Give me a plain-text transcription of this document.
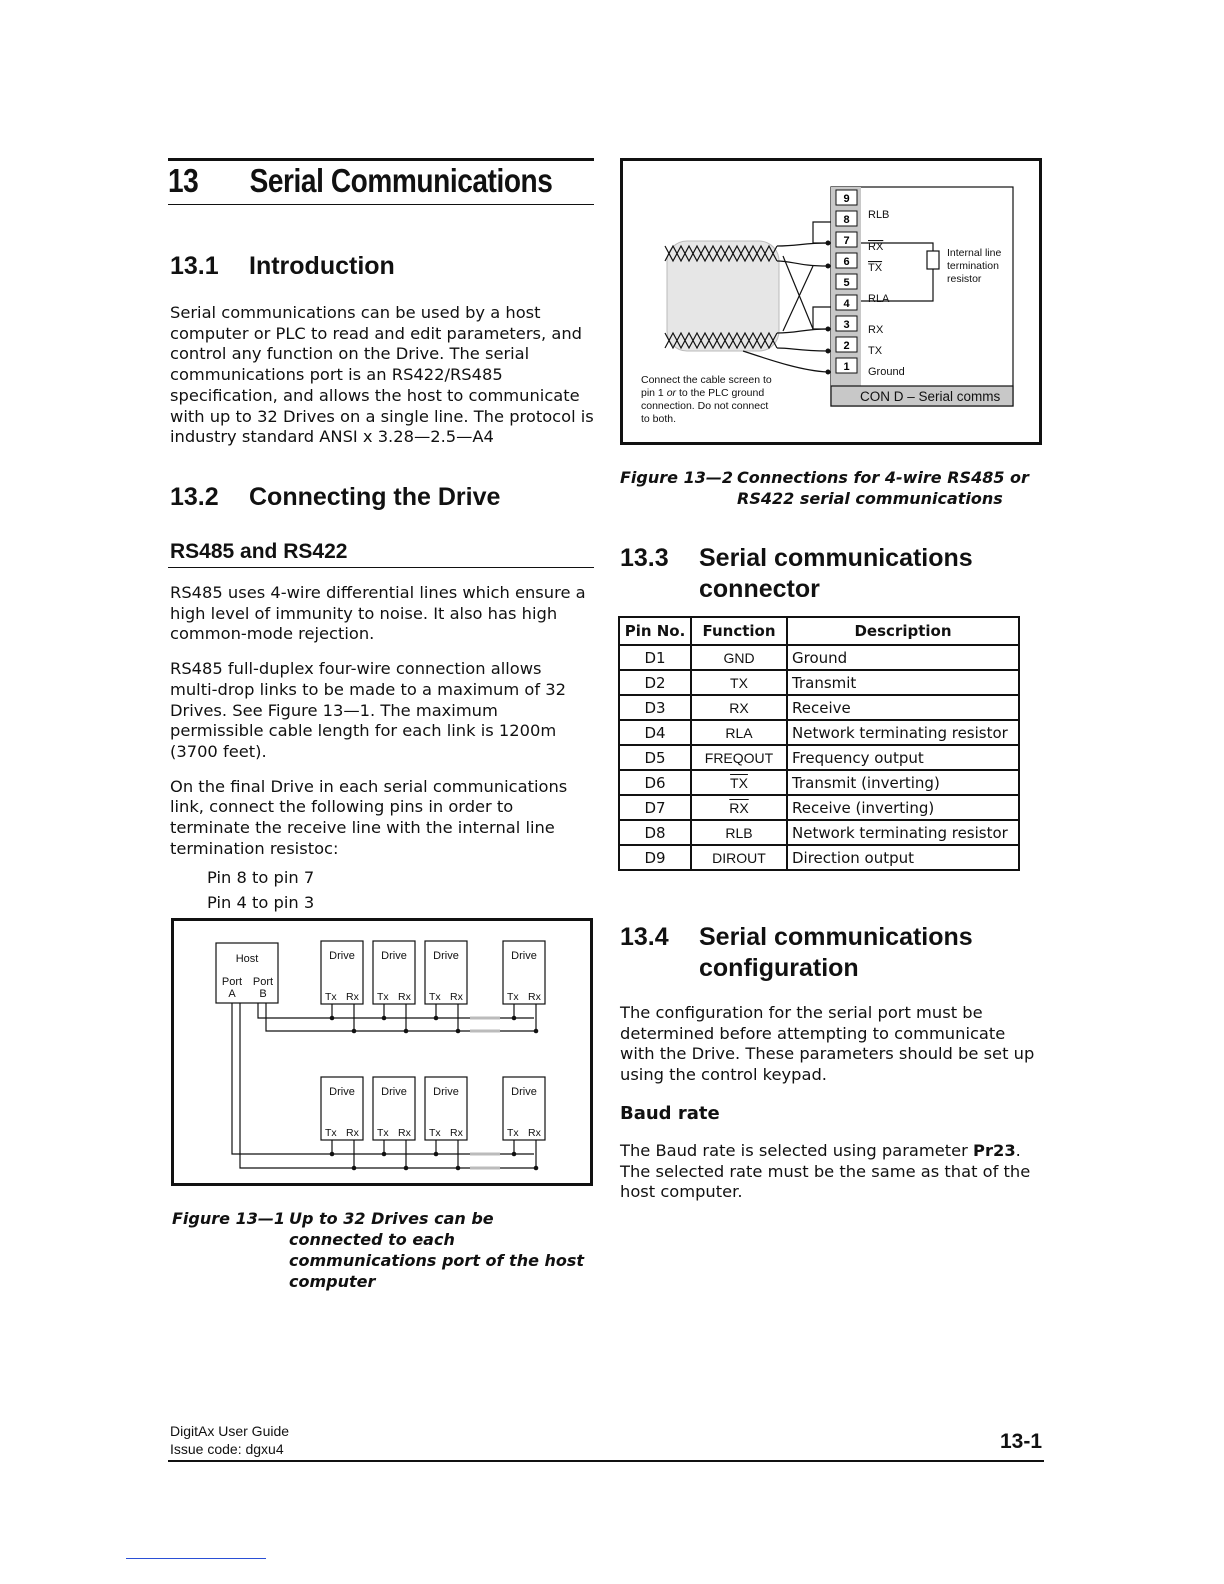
13 Serial Communications
13.1 Introduction

Serial communications can be used by a host computer or PLC to read and edit parameters, and control any function on the Drive. The serial communications port is an RS422/RS485 specification, and allows the host to communicate with up to 32 Drives on a single line. The protocol is industry standard ANSI x 3.28—2.5—A4

13.2 Connecting the Drive
RS485 and RS422

RS485 uses 4-wire differential lines which ensure a high level of immunity to noise. It also has high common-mode rejection.

RS485 full-duplex four-wire connection allows multi-drop links to be made to a maximum of 32 Drives. See Figure 13—1. The maximum permissible cable length for each link is 1200m (3700 feet).

On the final Drive in each serial communications link, connect the following pins in order to terminate the receive line with the internal line termination resistoc:

Pin 8 to pin 7
Pin 4 to pin 3
Host
Port
A
Port
B
Drive Drive Drive	Drive
Drive Drive Drive	Drive
Tx Rx Tx Rx Tx Rx	Tx Rx
Tx Rx Tx Rx Tx Rx	Tx Rx
Figure 13—1 Up to 32 Drives can be connected to each communications port of the host computer
9
8
7
6
5
4
3
2
1
RLB
RX
TX
RLA
RX
TX
Ground
Internal line
termination
resistor
CON D – Serial comms
Connect the cable screen to
pin 1 or to the PLC ground
connection. Do not connect
to both.
Figure 13—2 Connections for 4-wire RS485 or RS422 serial communications
13.3 Serial communications
connector
Pin No.	Function	Description
D1	GND	Ground
D2	TX	Transmit
D3	RX	Receive
D4	RLA	Network terminating resistor
D5	FREQOUT	Frequency output
D6	$\overline{TX}$	Transmit (inverting)
D7	$\overline{RX}$	Receive (inverting)
D8	RLB	Network terminating resistor
D9	DIROUT	Direction output
13.4 Serial communications
configuration

The configuration for the serial port must be determined before attempting to communicate with the Drive. These parameters should be set up using the control keypad.

Baud rate
The Baud rate is selected using parameter Pr23. The selected rate must be the same as that of the host computer.
DigitAx User Guide
Issue code: dgxu4	13-1
